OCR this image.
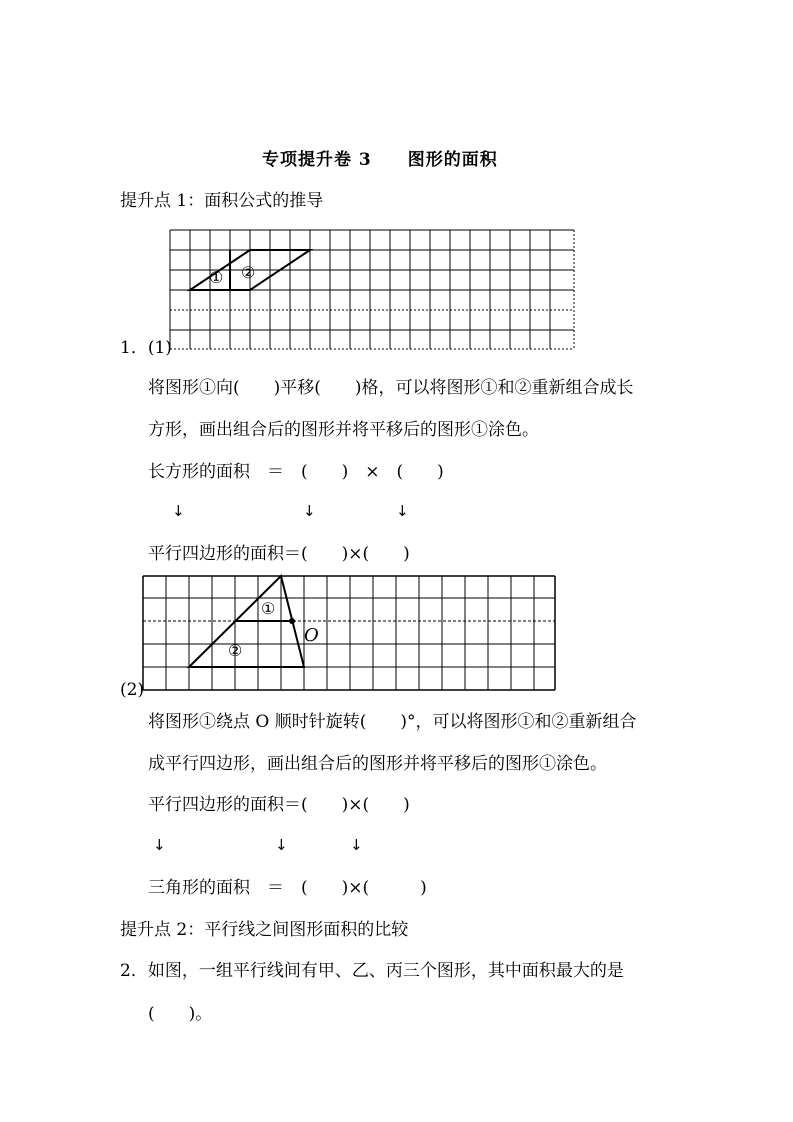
专项提升卷 3　　图形的面积
提升点 1：面积公式的推导
① ②
1．(1)
将图形①向(　　)平移(　　)格，可以将图形①和②重新组合成长
方形，画出组合后的图形并将平移后的图形①涂色。
长方形的面积　＝　(　　)　×　(　　)
↓	↓	↓
平行四边形的面积＝(　　)×(　　)
①
②
O
(2)
将图形①绕点 O 顺时针旋转(　　)°，可以将图形①和②重新组合
成平行四边形，画出组合后的图形并将平移后的图形①涂色。
平行四边形的面积＝(　　)×(　　)
↓	↓	↓
三角形的面积　＝　(　　)×(　　　)
提升点 2：平行线之间图形面积的比较
2．如图，一组平行线间有甲、乙、丙三个图形，其中面积最大的是
(　　)。
